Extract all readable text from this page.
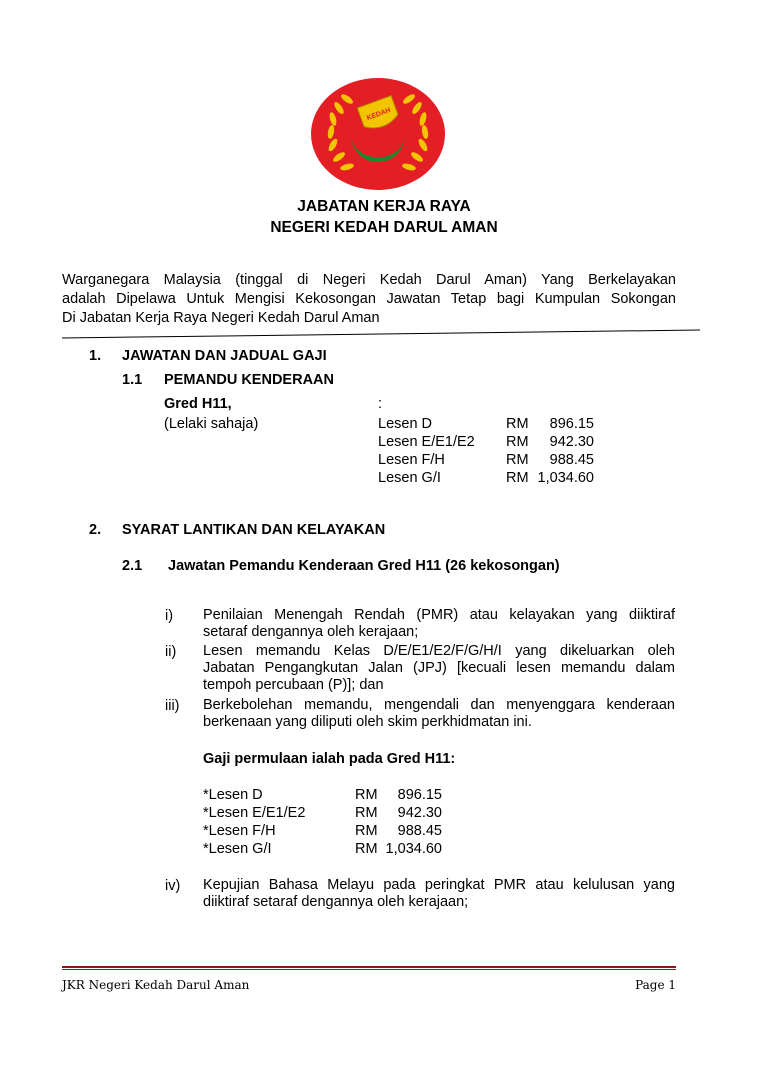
KEDAH
JABATAN KERJA RAYA
NEGERI KEDAH DARUL AMAN
Warganegara Malaysia (tinggal di Negeri Kedah Darul Aman) Yang Berkelayakan
adalah Dipelawa Untuk Mengisi Kekosongan Jawatan Tetap bagi Kumpulan Sokongan
Di Jabatan Kerja Raya Negeri Kedah Darul Aman
1. JAWATAN DAN JADUAL GAJI
1.1 PEMANDU KENDERAAN
Gred H11,	:
(Lelaki sahaja)	Lesen D	RM	896.15
Lesen E/E1/E2 RM	942.30
Lesen F/H	RM	988.45
Lesen G/I	RM 1,034.60
2. SYARAT LANTIKAN DAN KELAYAKAN
2.1 Jawatan Pemandu Kenderaan Gred H11 (26 kekosongan)
i) Penilaian Menengah Rendah (PMR) atau kelayakan yang diiktiraf
setaraf dengannya oleh kerajaan;
ii) Lesen memandu Kelas D/E/E1/E2/F/G/H/I yang dikeluarkan oleh
Jabatan Pengangkutan Jalan (JPJ) [kecuali lesen memandu dalam
tempoh percubaan (P)]; dan
iii) Berkebolehan memandu, mengendali dan menyenggara kenderaan
berkenaan yang diliputi oleh skim perkhidmatan ini.
Gaji permulaan ialah pada Gred H11:
*Lesen D	RM	896.15
*Lesen E/E1/E2	RM	942.30
*Lesen F/H	RM	988.45
*Lesen G/I	RM 1,034.60
iv) Kepujian Bahasa Melayu pada peringkat PMR atau kelulusan yang
diiktiraf setaraf dengannya oleh kerajaan;
JKR Negeri Kedah Darul Aman	Page 1
